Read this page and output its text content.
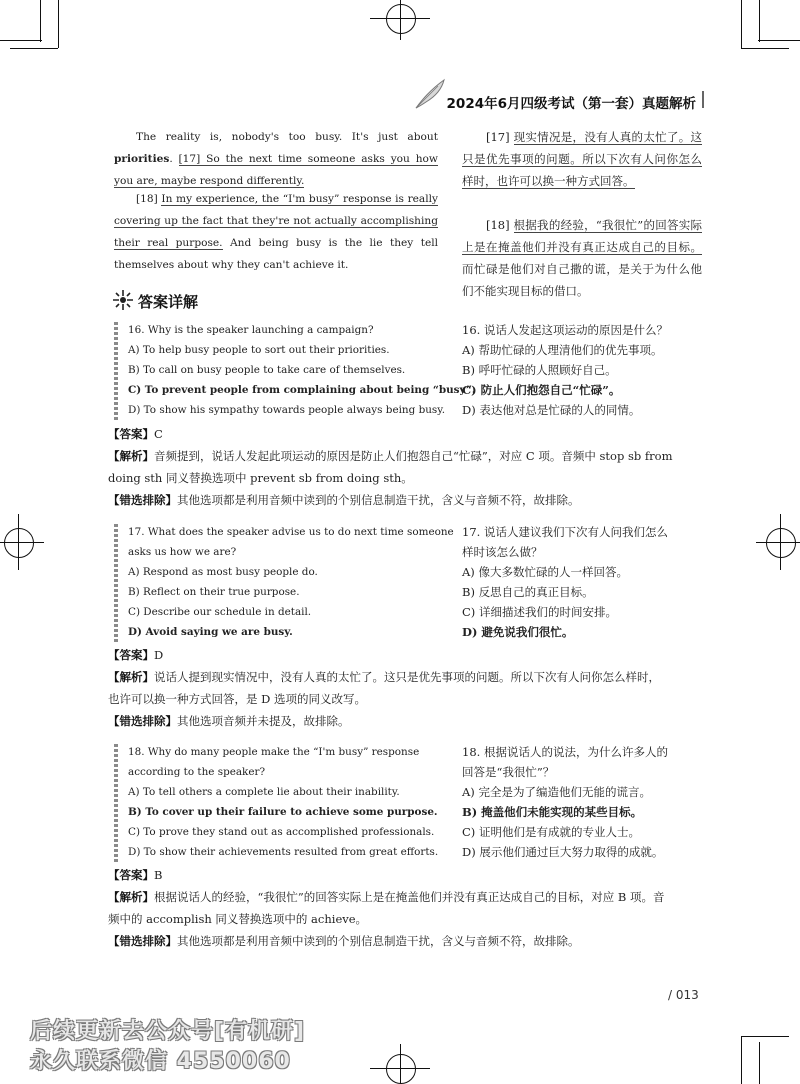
2024年6月四级考试（第一套）真题解析
The reality is, nobody's too busy. It's just about priorities. [17] So the next time someone asks you how you are, maybe respond differently.
[18] In my experience, the “I'm busy” response is really covering up the fact that they're not actually accomplishing their real purpose. And being busy is the lie they tell themselves about why they can't achieve it.
[17] 现实情况是，没有人真的太忙了。这只是优先事项的问题。所以下次有人问你怎么样时，也许可以换一种方式回答。
[18] 根据我的经验，“我很忙”的回答实际上是在掩盖他们并没有真正达成自己的目标。而忙碌是他们对自己撒的谎，是关于为什么他们不能实现目标的借口。
答案详解
16. Why is the speaker launching a campaign?
A) To help busy people to sort out their priorities.
B) To call on busy people to take care of themselves.
C) To prevent people from complaining about being “busy”.
D) To show his sympathy towards people always being busy.
16. 说话人发起这项运动的原因是什么？
A) 帮助忙碌的人理清他们的优先事项。
B) 呼吁忙碌的人照顾好自己。
C) 防止人们抱怨自己“忙碌”。
D) 表达他对总是忙碌的人的同情。
【答案】C
【解析】音频提到，说话人发起此项运动的原因是防止人们抱怨自己“忙碌”，对应 C 项。音频中 stop sb from
doing sth 同义替换选项中 prevent sb from doing sth。
【错选排除】其他选项都是利用音频中读到的个别信息制造干扰，含义与音频不符，故排除。
17. What does the speaker advise us to do next time someone
asks us how we are?
A) Respond as most busy people do.
B) Reflect on their true purpose.
C) Describe our schedule in detail.
D) Avoid saying we are busy.
17. 说话人建议我们下次有人问我们怎么
样时该怎么做？
A) 像大多数忙碌的人一样回答。
B) 反思自己的真正目标。
C) 详细描述我们的时间安排。
D) 避免说我们很忙。
【答案】D
【解析】说话人提到现实情况中，没有人真的太忙了。这只是优先事项的问题。所以下次有人问你怎么样时，
也许可以换一种方式回答，是 D 选项的同义改写。
【错选排除】其他选项音频并未提及，故排除。
18. Why do many people make the “I'm busy” response
according to the speaker?
A) To tell others a complete lie about their inability.
B) To cover up their failure to achieve some purpose.
C) To prove they stand out as accomplished professionals.
D) To show their achievements resulted from great efforts.
18. 根据说话人的说法，为什么许多人的
回答是“我很忙”？
A) 完全是为了编造他们无能的谎言。
B) 掩盖他们未能实现的某些目标。
C) 证明他们是有成就的专业人士。
D) 展示他们通过巨大努力取得的成就。
【答案】B
【解析】根据说话人的经验，“我很忙”的回答实际上是在掩盖他们并没有真正达成自己的目标，对应 B 项。音
频中的 accomplish 同义替换选项中的 achieve。
【错选排除】其他选项都是利用音频中读到的个别信息制造干扰，含义与音频不符，故排除。
/ 013
后续更新去公众号[有机研]
永久联系微信 4550060
